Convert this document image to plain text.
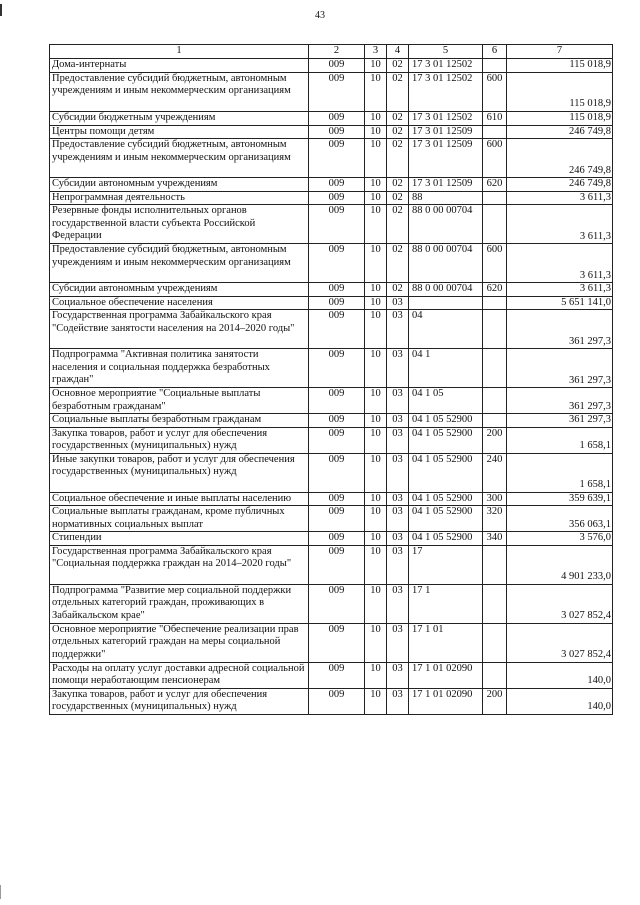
43
1	2	3	4	5	6	7
Дома-интернаты	009	10	02	17 3 01 12502		115 018,9
Предоставление субсидий бюджетным, автономным учреждениям и иным некоммерческим организациям	009	10	02	17 3 01 12502	600	115 018,9
Субсидии бюджетным учреждениям	009	10	02	17 3 01 12502	610	115 018,9
Центры помощи детям	009	10	02	17 3 01 12509		246 749,8
Предоставление субсидий бюджетным, автономным учреждениям и иным некоммерческим организациям	009	10	02	17 3 01 12509	600	246 749,8
Субсидии автономным учреждениям	009	10	02	17 3 01 12509	620	246 749,8
Непрограммная деятельность	009	10	02	88		3 611,3
Резервные фонды исполнительных органов государственной власти субъекта Российской Федерации	009	10	02	88 0 00 00704		3 611,3
Предоставление субсидий бюджетным, автономным учреждениям и иным некоммерческим организациям	009	10	02	88 0 00 00704	600	3 611,3
Субсидии автономным учреждениям	009	10	02	88 0 00 00704	620	3 611,3
Социальное обеспечение населения	009	10	03			5 651 141,0
Государственная программа Забайкальского края "Содействие занятости населения на 2014–2020 годы"	009	10	03	04		361 297,3
Подпрограмма "Активная политика занятости населения и социальная поддержка безработных граждан"	009	10	03	04 1		361 297,3
Основное мероприятие "Социальные выплаты безработным гражданам"	009	10	03	04 1 05		361 297,3
Социальные выплаты безработным гражданам	009	10	03	04 1 05 52900		361 297,3
Закупка товаров, работ и услуг для обеспечения государственных (муниципальных) нужд	009	10	03	04 1 05 52900	200	1 658,1
Иные закупки товаров, работ и услуг для обеспечения государственных (муниципальных) нужд	009	10	03	04 1 05 52900	240	1 658,1
Социальное обеспечение и иные выплаты населению	009	10	03	04 1 05 52900	300	359 639,1
Социальные выплаты гражданам, кроме публичных нормативных социальных выплат	009	10	03	04 1 05 52900	320	356 063,1
Стипендии	009	10	03	04 1 05 52900	340	3 576,0
Государственная программа Забайкальского края "Социальная поддержка граждан на 2014–2020 годы"	009	10	03	17		4 901 233,0
Подпрограмма "Развитие мер социальной поддержки отдельных категорий граждан, проживающих в Забайкальском крае"	009	10	03	17 1		3 027 852,4
Основное мероприятие "Обеспечение реализации прав отдельных категорий граждан на меры социальной поддержки"	009	10	03	17 1 01		3 027 852,4
Расходы на оплату услуг доставки адресной социальной помощи неработающим пенсионерам	009	10	03	17 1 01 02090		140,0
Закупка товаров, работ и услуг для обеспечения государственных (муниципальных) нужд	009	10	03	17 1 01 02090	200	140,0
